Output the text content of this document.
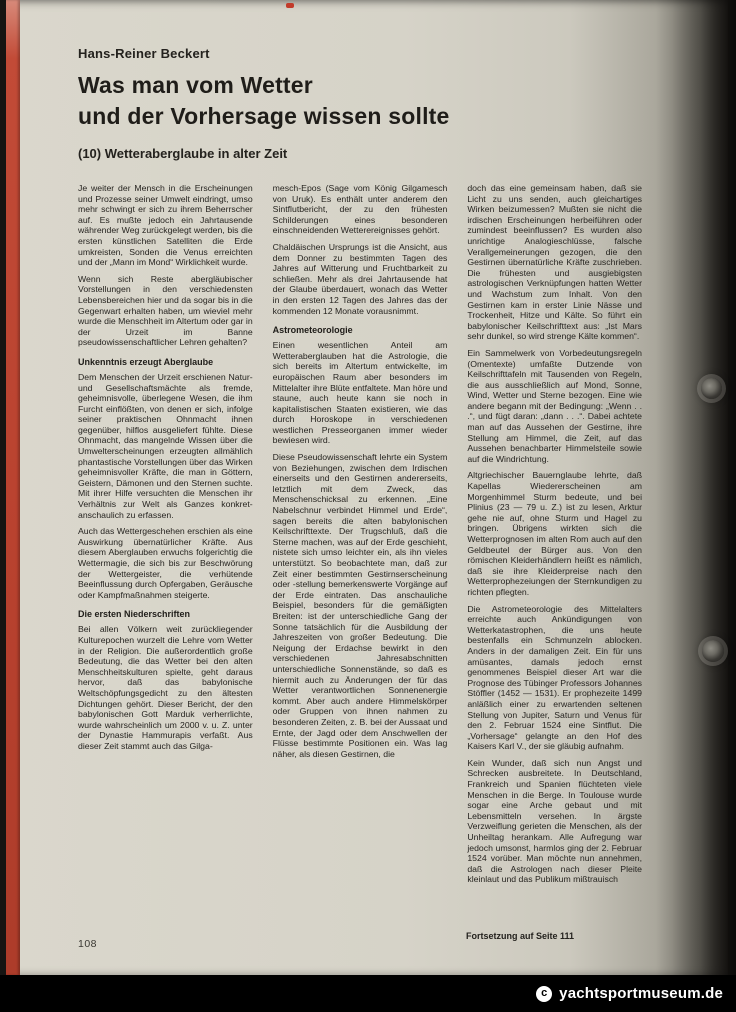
Hans-Reiner Beckert
Was man vom Wetter
und der Vorhersage wissen sollte
(10) Wetteraberglaube in alter Zeit

Je weiter der Mensch in die Erscheinungen und Prozesse seiner Umwelt eindringt, umso mehr schwingt er sich zu ihrem Beherrscher auf. Es mußte jedoch ein Jahrtausende währender Weg zurückgelegt werden, bis die ersten künstlichen Satelliten die Erde umkreisten, Sonden die Venus erreichten und der „Mann im Mond“ Wirklichkeit wurde.

Wenn sich Reste abergläubischer Vorstellungen in den verschiedensten Lebensbereichen hier und da sogar bis in die Gegenwart erhalten haben, um wieviel mehr wurde die Menschheit im Altertum oder gar in der Urzeit im Banne pseudowissenschaftlicher Lehren gehalten?

Unkenntnis erzeugt Aberglaube

Dem Menschen der Urzeit erschienen Natur- und Gesellschaftsmächte als fremde, geheimnisvolle, überlegene Wesen, die ihm Furcht einflößten, von denen er sich, infolge seiner praktischen Ohnmacht ihnen gegenüber, hilflos ausgeliefert fühlte. Diese Ohnmacht, das mangelnde Wissen über die Umwelterscheinungen erzeugten allmählich phantastische Vorstellungen über das Wirken geheimnisvoller Kräfte, die man in Göttern, Geistern, Dämonen und den Sternen suchte. Mit ihrer Hilfe versuchten die Menschen ihr Verhältnis zur Welt als Ganzes konkret-anschaulich zu erfassen.

Auch das Wettergeschehen erschien als eine Auswirkung übernatürlicher Kräfte. Aus diesem Aberglauben erwuchs folgerichtig die Wettermagie, die sich bis zur Beschwörung der Wettergeister, die verhütende Beeinflussung durch Opfergaben, Geräusche oder Kampfmaßnahmen steigerte.

Die ersten Niederschriften

Bei allen Völkern weit zurückliegender Kulturepochen wurzelt die Lehre vom Wetter in der Religion. Die außerordentlich große Bedeutung, die das Wetter bei den alten Menschheitskulturen spielte, geht daraus hervor, daß das babylonische Weltschöpfungsgedicht zu den ältesten Dichtungen gehört. Dieser Bericht, der den babylonischen Gott Marduk verherrlichte, wurde wahrscheinlich um 2000 v. u. Z. unter der Dynastie Hammurapis verfaßt. Aus dieser Zeit stammt auch das Gilga-

mesch-Epos (Sage vom König Gilgamesch von Uruk). Es enthält unter anderem den Sintflutbericht, der zu den frühesten Schilderungen eines besonderen einschneidenden Wetterereignisses gehört.

Chaldäischen Ursprungs ist die Ansicht, aus dem Donner zu bestimmten Tagen des Jahres auf Witterung und Fruchtbarkeit zu schließen. Mehr als drei Jahrtausende hat der Glaube überdauert, wonach das Wetter in den ersten 12 Tagen des Jahres das der kommenden 12 Monate vorausnimmt.

Astrometeorologie

Einen wesentlichen Anteil am Wetteraberglauben hat die Astrologie, die sich bereits im Altertum entwickelte, im europäischen Raum aber besonders im Mittelalter ihre Blüte entfaltete. Man höre und staune, auch heute kann sie noch in kapitalistischen Staaten existieren, wie das durch Horoskope in verschiedenen westlichen Presseorganen immer wieder bewiesen wird.

Diese Pseudowissenschaft lehrte ein System von Beziehungen, zwischen dem Irdischen einerseits und den Gestirnen andererseits, letztlich mit dem Zweck, das Menschenschicksal zu erkennen. „Eine Nabelschnur verbindet Himmel und Erde“, sagen bereits die alten babylonischen Keilschrifttexte. Der Trugschluß, daß die Sterne machen, was auf der Erde geschieht, nistete sich umso leichter ein, als ihn vieles unterstützt. So beobachtete man, daß zur Zeit einer bestimmten Gestirnserscheinung oder -stellung bemerkenswerte Vorgänge auf der Erde eintraten. Das anschauliche Beispiel, besonders für die gemäßigten Breiten: ist der unterschiedliche Gang der Sonne tatsächlich für die Ausbildung der Jahreszeiten von großer Bedeutung. Die Neigung der Erdachse bewirkt in den verschiedenen Jahresabschnitten unterschiedliche Sonnenstände, so daß es hiermit auch zu Änderungen der für das Wetter verantwortlichen Sonnenenergie kommt. Aber auch andere Himmelskörper oder Gruppen von ihnen nahmen zu besonderen Zeiten, z. B. bei der Aussaat und Ernte, der Jagd oder dem Anschwellen der Flüsse bestimmte Positionen ein. Was lag näher, als diesen Gestirnen, die

doch das eine gemeinsam haben, daß sie Licht zu uns senden, auch gleichartiges Wirken beizumessen? Mußten sie nicht die irdischen Erscheinungen herbeiführen oder zumindest beeinflussen? Es wurden also unrichtige Analogieschlüsse, falsche Verallgemeinerungen gezogen, die den Gestirnen übernatürliche Kräfte zuschrieben. Die frühesten und ausgiebigsten astrologischen Verknüpfungen hatten Wetter und Wachstum zum Inhalt. Von den Gestirnen kam in erster Linie Nässe und Trockenheit, Hitze und Kälte. So führt ein babylonischer Keilschrifttext aus: „Ist Mars sehr dunkel, so wird strenge Kälte kommen“.

Ein Sammelwerk von Vorbedeutungsregeln (Omentexte) umfaßte Dutzende von Keilschrifttafeln mit Tausenden von Regeln, die aus ausschließlich auf Mond, Sonne, Wind, Wetter und Sterne bezogen. Eine wie andere begann mit der Bedingung: „Wenn . . .“, und fügt daran: „dann . . .“. Dabei achtete man auf das Aussehen der Gestirne, ihre Stellung am Himmel, die Zeit, auf das Aussehen benachbarter Himmelsteile sowie auf die Windrichtung.

Altgriechischer Bauernglaube lehrte, daß Kapellas Wiedererscheinen am Morgenhimmel Sturm bedeute, und bei Plinius (23 — 79 u. Z.) ist zu lesen, Arktur gehe nie auf, ohne Sturm und Hagel zu bringen. Übrigens wirkten sich die Wetterprognosen im alten Rom auch auf den Geldbeutel der Bürger aus. Von den römischen Kleiderhändlern heißt es nämlich, daß sie ihre Kleiderpreise nach den Wetterprophezeiungen der Sternkundigen zu richten pflegten.

Die Astrometeorologie des Mittelalters erreichte auch Ankündigungen von Wetterkatastrophen, die uns heute bestenfalls ein Schmunzeln ablocken. Anders in der damaligen Zeit. Ein für uns amüsantes, damals jedoch ernst genommenes Beispiel dieser Art war die Prognose des Tübinger Professors Johannes Stöffler (1452 — 1531). Er prophezeite 1499 anläßlich einer zu erwartenden seltenen Stellung von Jupiter, Saturn und Venus für den 2. Februar 1524 eine Sintflut. Die „Vorhersage“ gelangte an den Hof des Kaisers Karl V., der sie gläubig aufnahm.

Kein Wunder, daß sich nun Angst und Schrecken ausbreitete. In Deutschland, Frankreich und Spanien flüchteten viele Menschen in die Berge. In Toulouse wurde sogar eine Arche gebaut und mit Lebensmitteln versehen. In ärgste Verzweiflung gerieten die Menschen, als der Unheiltag herankam. Alle Aufregung war jedoch umsonst, harmlos ging der 2. Februar 1524 vorüber. Man möchte nun annehmen, daß die Astrologen nach dieser Pleite kleinlaut und das Publikum mißtrauisch

Fortsetzung auf Seite 111
108
c yachtsportmuseum.de
